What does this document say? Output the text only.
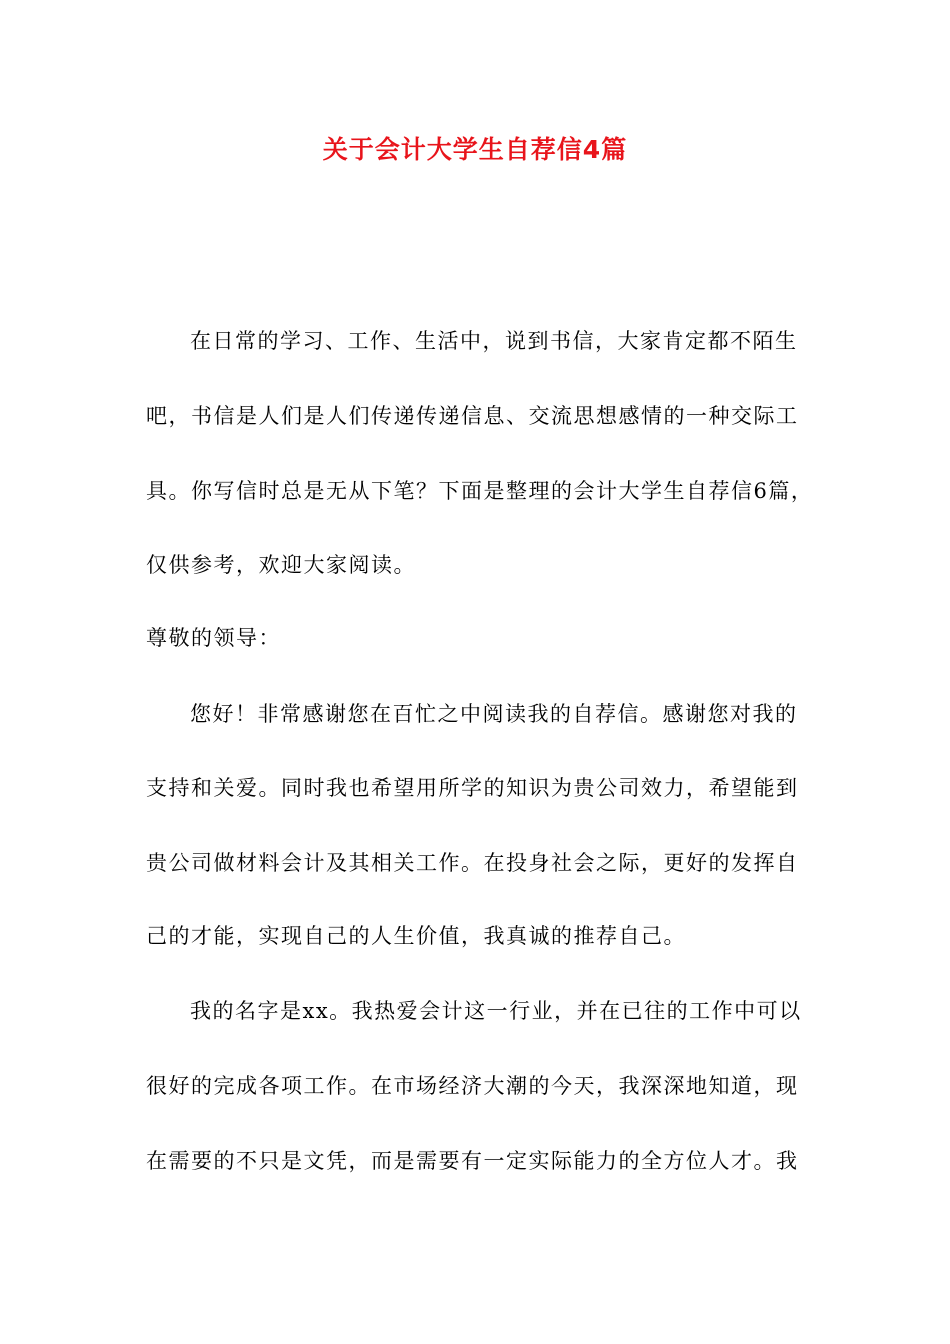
关于会计大学生自荐信4篇
在日常的学习、工作、生活中，说到书信，大家肯定都不陌生
吧，书信是人们是人们传递传递信息、交流思想感情的一种交际工
具。你写信时总是无从下笔？下面是整理的会计大学生自荐信6篇，
仅供参考，欢迎大家阅读。
尊敬的领导：
您好！非常感谢您在百忙之中阅读我的自荐信。感谢您对我的
支持和关爱。同时我也希望用所学的知识为贵公司效力，希望能到
贵公司做材料会计及其相关工作。在投身社会之际，更好的发挥自
己的才能，实现自己的人生价值，我真诚的推荐自己。
我的名字是xx。我热爱会计这一行业，并在已往的工作中可以
很好的完成各项工作。在市场经济大潮的今天，我深深地知道，现
在需要的不只是文凭，而是需要有一定实际能力的全方位人才。我
